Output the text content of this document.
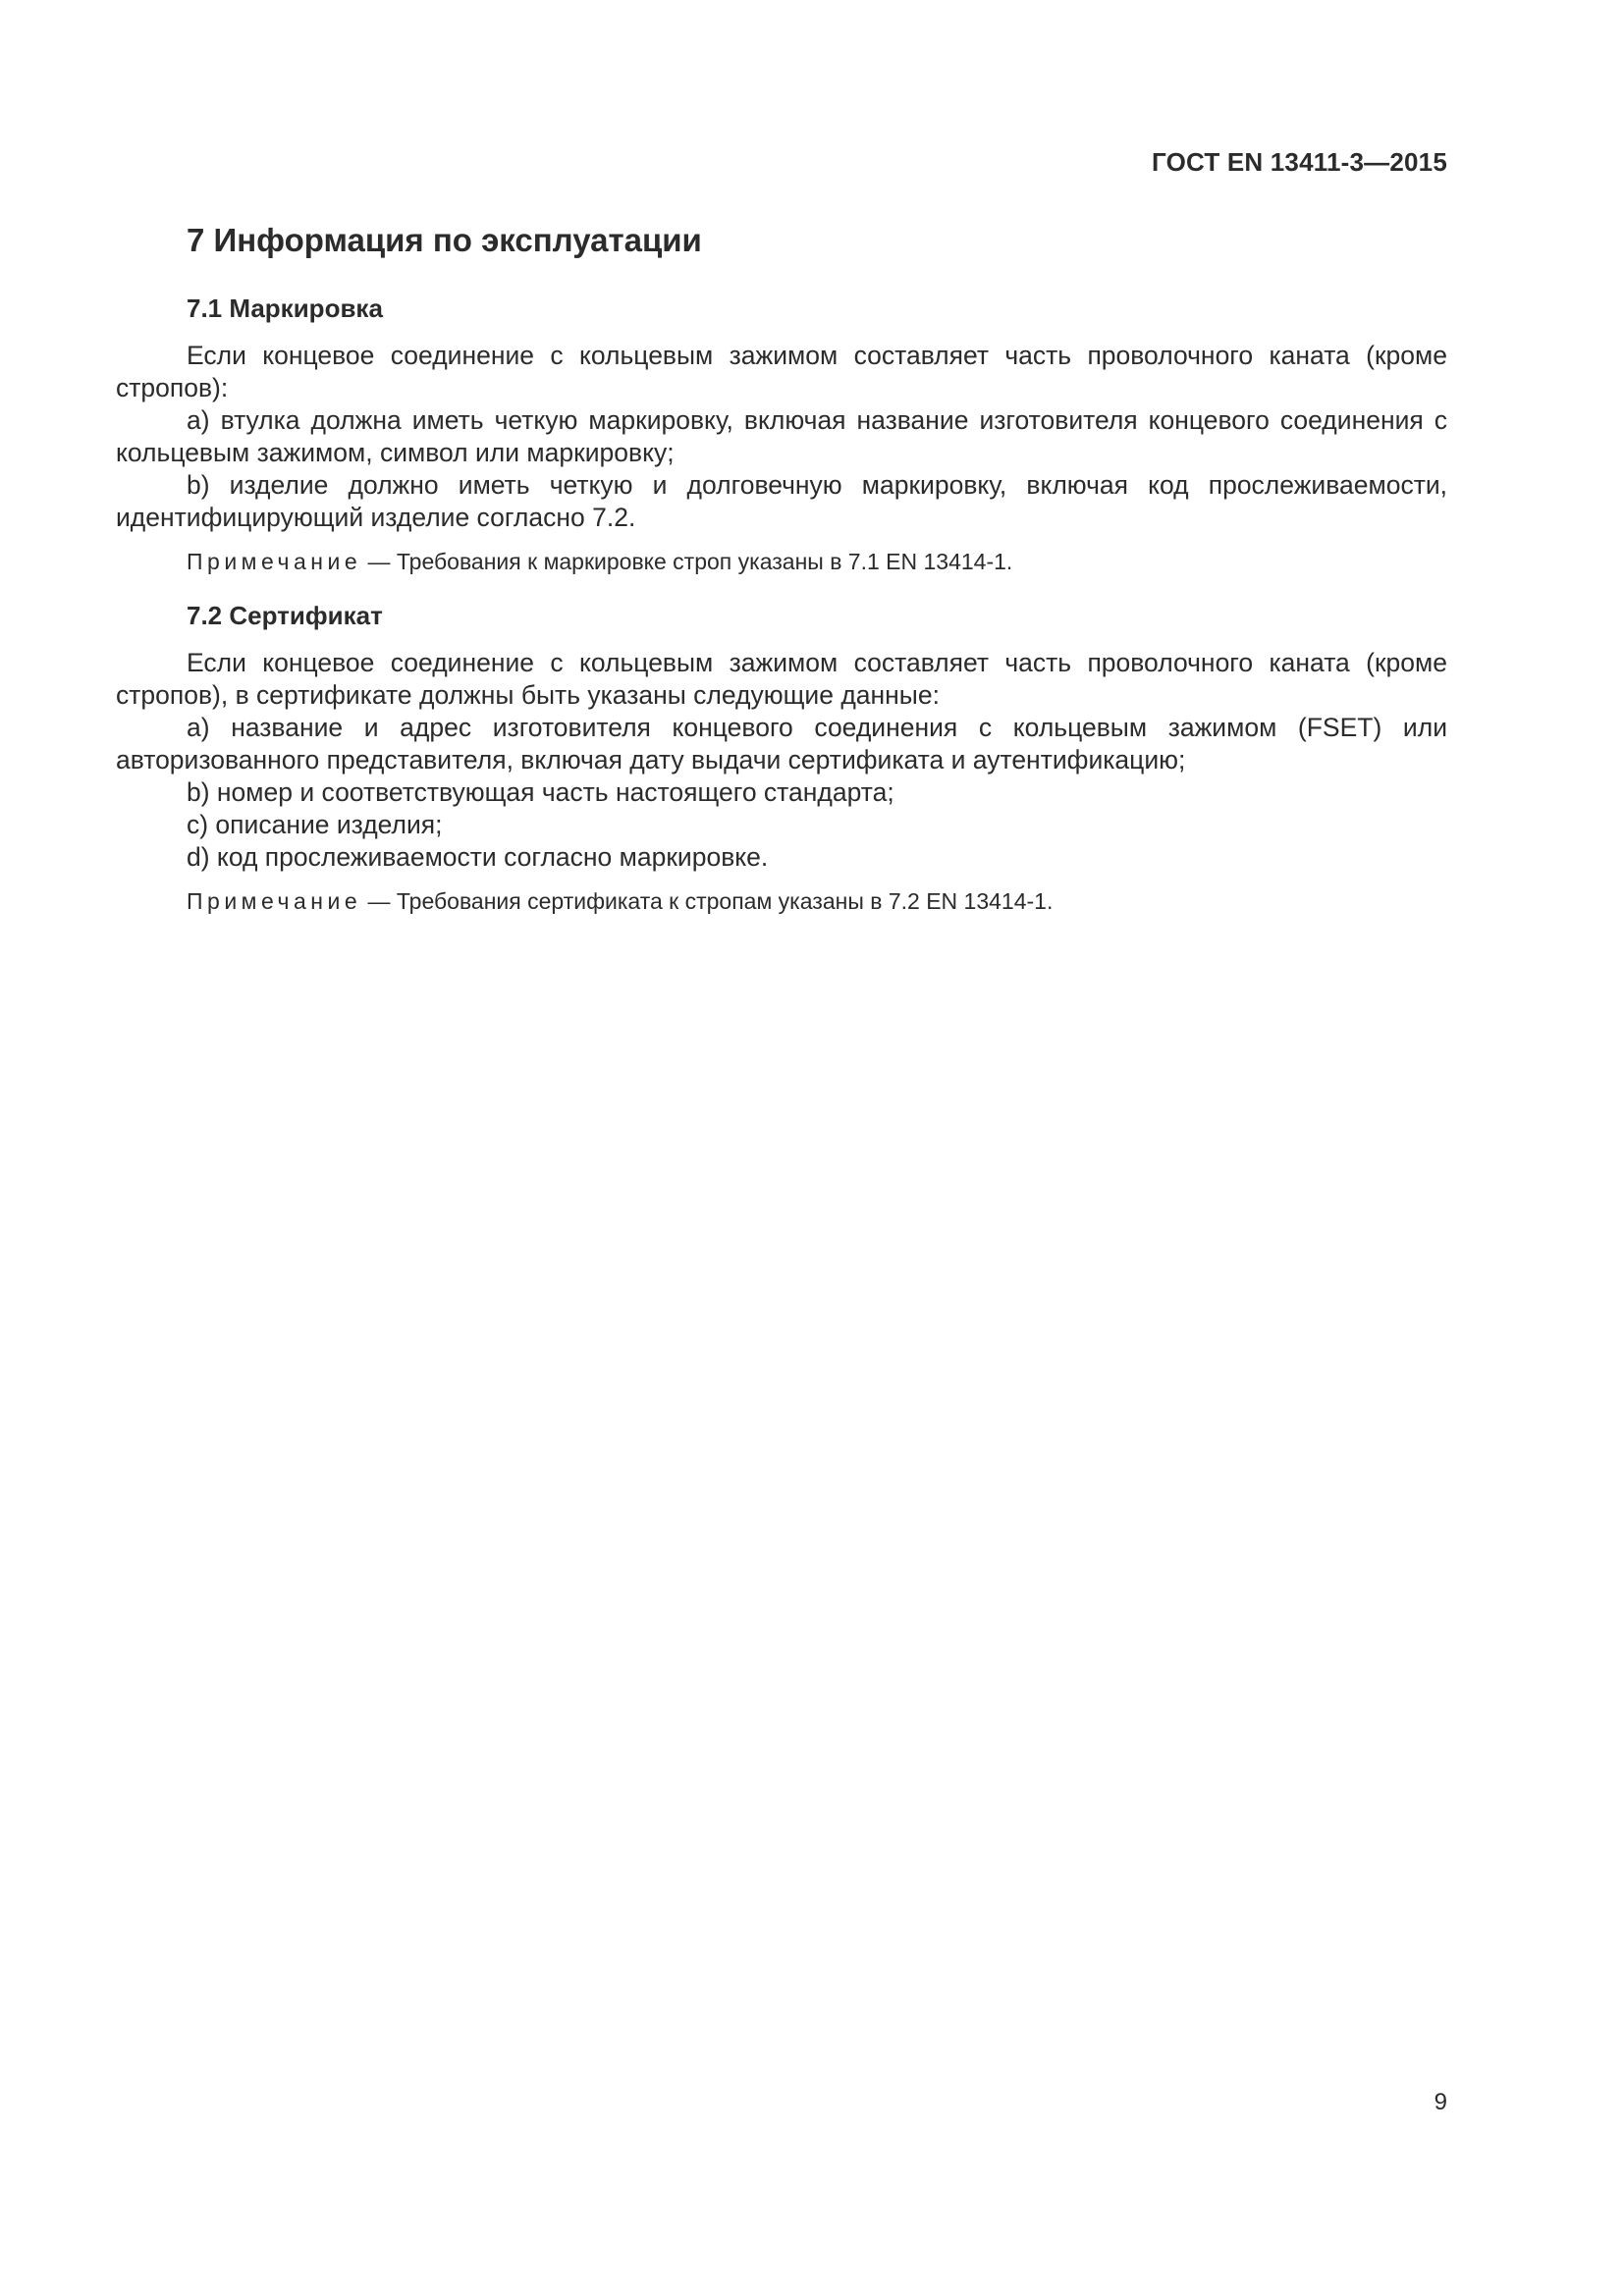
ГОСТ EN 13411-3—2015
7 Информация по эксплуатации
7.1 Маркировка

Если концевое соединение с кольцевым зажимом составляет часть проволочного каната (кроме стропов):

а) втулка должна иметь четкую маркировку, включая название изготовителя концевого соединения с кольцевым зажимом, символ или маркировку;

b) изделие должно иметь четкую и долговечную маркировку, включая код прослеживаемости, идентифицирующий изделие согласно 7.2.

Примечание — Требования к маркировке строп указаны в 7.1 EN 13414-1.

7.2 Сертификат

Если концевое соединение с кольцевым зажимом составляет часть проволочного каната (кроме стропов), в сертификате должны быть указаны следующие данные:

а) название и адрес изготовителя концевого соединения с кольцевым зажимом (FSET) или авторизованного представителя, включая дату выдачи сертификата и аутентификацию;

b) номер и соответствующая часть настоящего стандарта;

c) описание изделия;

d) код прослеживаемости согласно маркировке.

Примечание — Требования сертификата к стропам указаны в 7.2 EN 13414-1.

9
